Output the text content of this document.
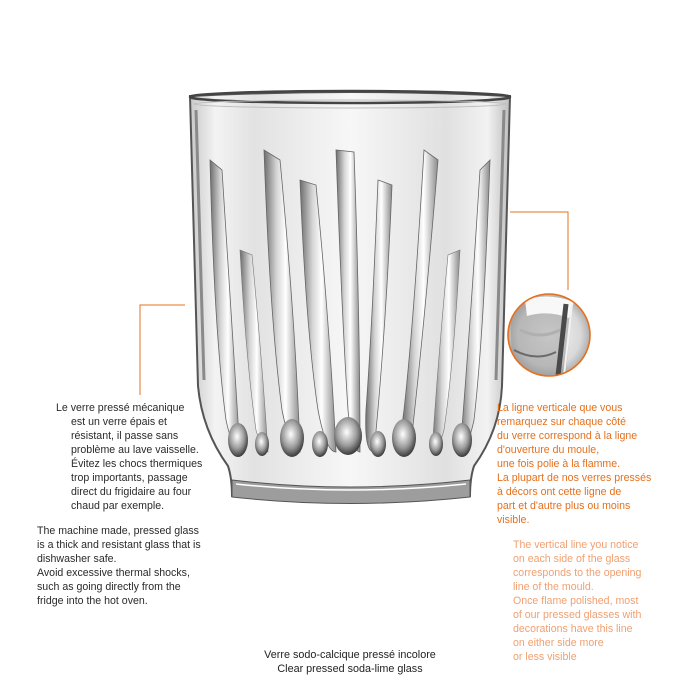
Le verre pressé mécanique
est un verre épais et
résistant, il passe sans
problème au lave vaisselle.
Évitez les chocs thermiques
trop importants, passage
direct du frigidaire au four
chaud par exemple.
The machine made, pressed glass
is a thick and resistant glass that is
dishwasher safe.
Avoid excessive thermal shocks,
such as going directly from the
fridge into the hot oven.
La ligne verticale que vous
remarquez sur chaque côté
du verre correspond à la ligne
d'ouverture du moule,
une fois polie à la flamme.
La plupart de nos verres pressés
à décors ont cette ligne de
part et d'autre plus ou moins
visible.
The vertical line you notice
on each side of the glass
corresponds to the opening
line of the mould.
Once flame polished, most
of our pressed glasses with
decorations have this line
on either side more
or less visible
Verre sodo-calcique pressé incolore
Clear pressed soda-lime glass
